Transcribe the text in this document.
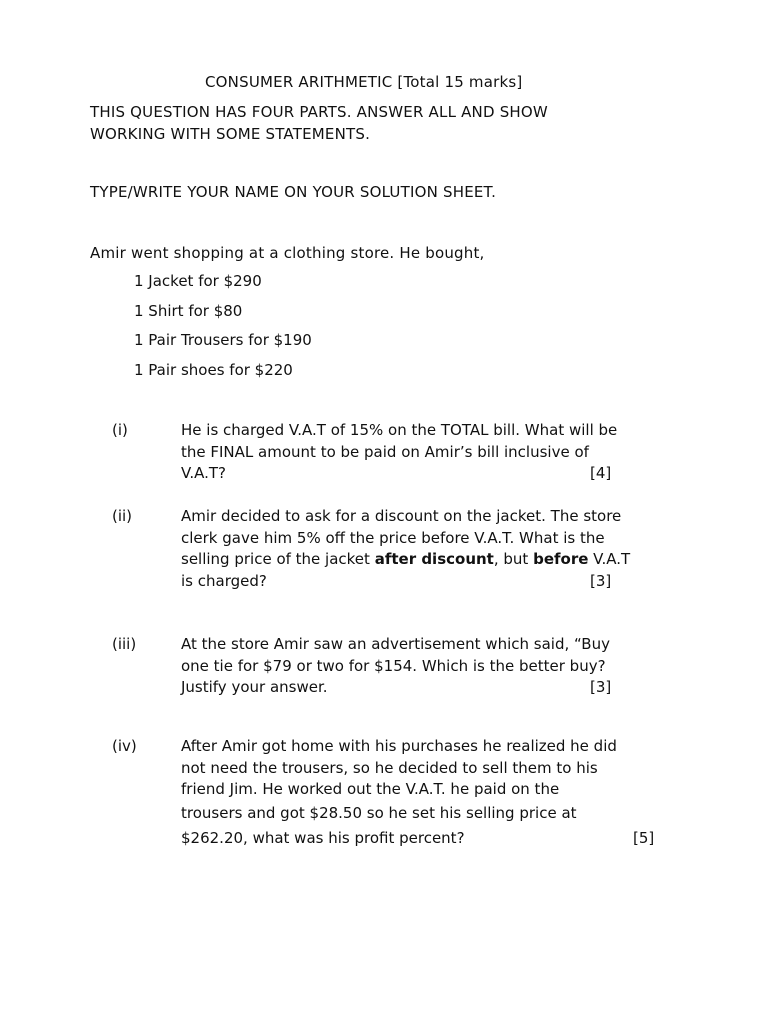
CONSUMER ARITHMETIC [Total 15 marks]
THIS QUESTION HAS FOUR PARTS. ANSWER ALL AND SHOW
WORKING WITH SOME STATEMENTS.
TYPE/WRITE YOUR NAME ON YOUR SOLUTION SHEET.
Amir went shopping at a clothing store. He bought,
1 Jacket for $290
1 Shirt for $80
1 Pair Trousers for $190
1 Pair shoes for $220
(i)	He is charged V.A.T of 15% on the TOTAL bill. What will be
the FINAL amount to be paid on Amir’s bill inclusive of
V.A.T?	[4]
(ii)	Amir decided to ask for a discount on the jacket. The store
clerk gave him 5% off the price before V.A.T. What is the
selling price of the jacket after discount, but before V.A.T
is charged?	[3]
(iii)	At the store Amir saw an advertisement which said, “Buy
one tie for $79 or two for $154. Which is the better buy?
Justify your answer.	[3]
(iv)	After Amir got home with his purchases he realized he did
not need the trousers, so he decided to sell them to his
friend Jim. He worked out the V.A.T. he paid on the
trousers and got $28.50 so he set his selling price at
$262.20, what was his profit percent?	[5]
